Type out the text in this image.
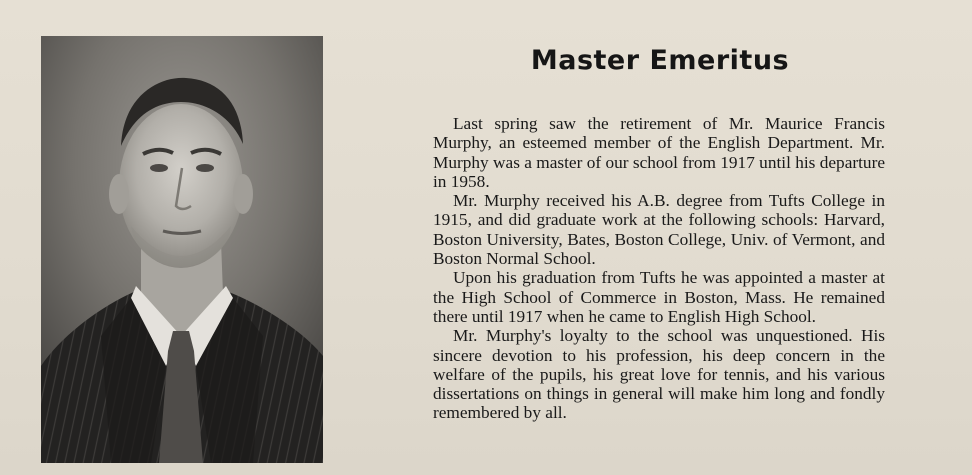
Master Emeritus

Last spring saw the retirement of Mr. Maurice Francis Murphy, an esteemed member of the English Department. Mr. Murphy was a master of our school from 1917 until his departure in 1958.

Mr. Murphy received his A.B. degree from Tufts College in 1915, and did graduate work at the following schools: Harvard, Boston University, Bates, Boston College, Univ. of Vermont, and Boston Normal School.

Upon his graduation from Tufts he was appointed a master at the High School of Commerce in Boston, Mass. He remained there until 1917 when he came to English High School.

Mr. Murphy's loyalty to the school was unquestioned. His sincere devotion to his profession, his deep concern in the welfare of the pupils, his great love for tennis, and his various dissertations on things in general will make him long and fondly remembered by all.
